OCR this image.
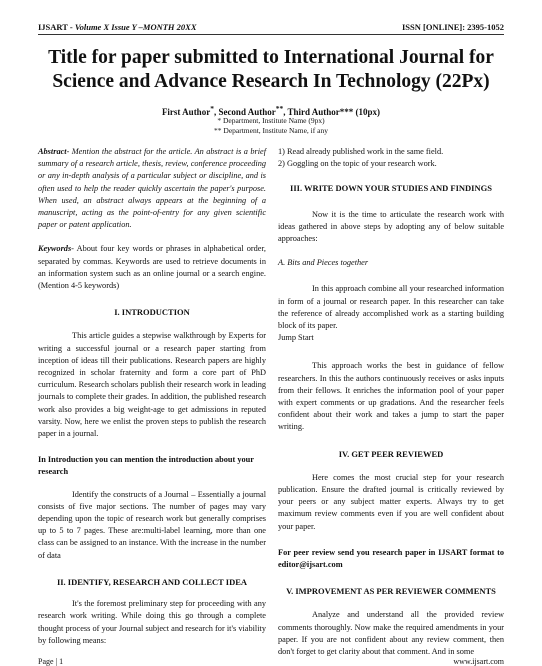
IJSART - Volume X Issue Y –MONTH 20XX	ISSN [ONLINE]: 2395-1052
Title for paper submitted to International Journal for
Science and Advance Research In Technology (22Px)
First Author*, Second Author**, Third Author*** (10px)
* Department, Institute Name (9px)
** Department, Institute Name, if any

Abstract- Mention the abstract for the article. An abstract is a brief summary of a research article, thesis, review, conference proceeding or any in-depth analysis of a particular subject or discipline, and is often used to help the reader quickly ascertain the paper's purpose. When used, an abstract always appears at the beginning of a manuscript, acting as the point-of-entry for any given scientific paper or patent application.

Keywords- About four key words or phrases in alphabetical order, separated by commas. Keywords are used to retrieve documents in an information system such as an online journal or a search engine. (Mention 4-5 keywords)

I. INTRODUCTION

This article guides a stepwise walkthrough by Experts for writing a successful journal or a research paper starting from inception of ideas till their publications. Research papers are highly recognized in scholar fraternity and form a core part of PhD curriculum. Research scholars publish their research work in leading journals to complete their grades. In addition, the published research work also provides a big weight-age to get admissions in reputed varsity. Now, here we enlist the proven steps to publish the research paper in a journal.

In Introduction you can mention the introduction about your research

Identify the constructs of a Journal – Essentially a journal consists of five major sections. The number of pages may vary depending upon the topic of research work but generally comprises up to 5 to 7 pages. These are:multi-label learning, more than one class can be assigned to an instance. With the increase in the number of data

II. IDENTIFY, RESEARCH AND COLLECT IDEA

It's the foremost preliminary step for proceeding with any research work writing. While doing this go through a complete thought process of your Journal subject and research for it's viability by following means:

1) Read already published work in the same field.

2) Goggling on the topic of your research work.

III. WRITE DOWN YOUR STUDIES AND FINDINGS

Now it is the time to articulate the research work with ideas gathered in above steps by adopting any of below suitable approaches:

A. Bits and Pieces together

In this approach combine all your researched information in form of a journal or research paper. In this researcher can take the reference of already accomplished work as a starting building block of its paper.

Jump Start

This approach works the best in guidance of fellow researchers. In this the authors continuously receives or asks inputs from their fellows. It enriches the information pool of your paper with expert comments or up gradations. And the researcher feels confident about their work and takes a jump to start the paper writing.

IV. GET PEER REVIEWED

Here comes the most crucial step for your research publication. Ensure the drafted journal is critically reviewed by your peers or any subject matter experts. Always try to get maximum review comments even if you are well confident about your paper.

For peer review send you research paper in IJSART format to editor@ijsart.com

V. IMPROVEMENT AS PER REVIEWER COMMENTS

Analyze and understand all the provided review comments thoroughly. Now make the required amendments in your paper. If you are not confident about any review comment, then don't forget to get clarity about that comment. And in some

Page | 1	www.ijsart.com
